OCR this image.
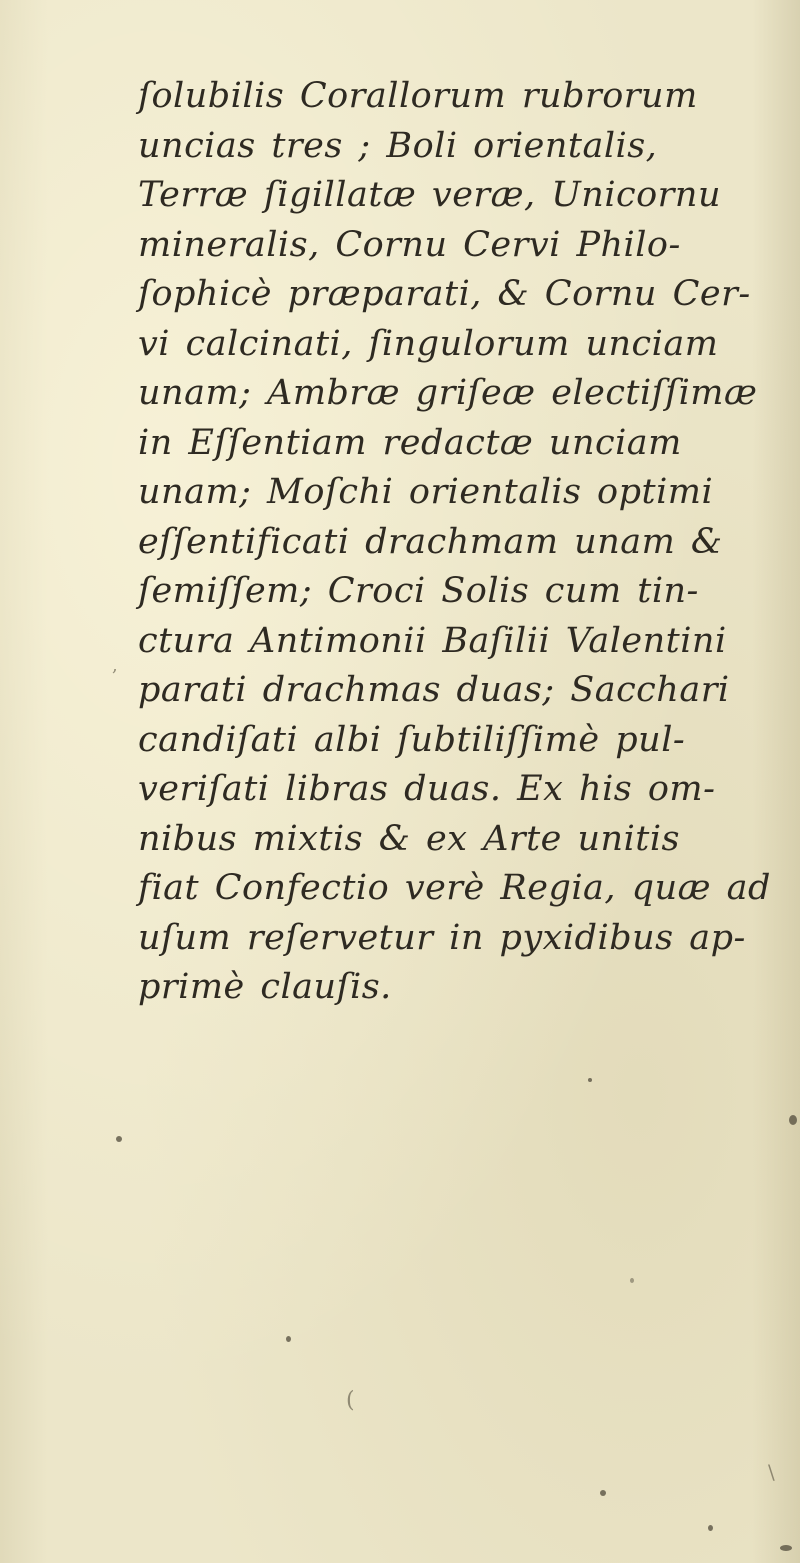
ſolubilis Corallorum rubrorum
uncias tres ; Boli orientalis,
Terræ ſigillatæ veræ, Unicornu
mineralis, Cornu Cervi Philo-
ſophicè præparati, & Cornu Cer-
vi calcinati, ſingulorum unciam
unam; Ambræ griſeæ electiſſimæ
in Eſſentiam redactæ unciam
unam; Moſchi orientalis optimi
eſſentificati drachmam unam &
ſemiſſem; Croci Solis cum tin-
ctura Antimonii Baſilii Valentini
parati drachmas duas; Sacchari
candiſati albi ſubtiliſſimè pul-
veriſati libras duas. Ex his om-
nibus mixtis & ex Arte unitis
fiat Confectio verè Regia, quæ ad
uſum reſervetur in pyxidibus ap-
primè clauſis.
(
,
\
